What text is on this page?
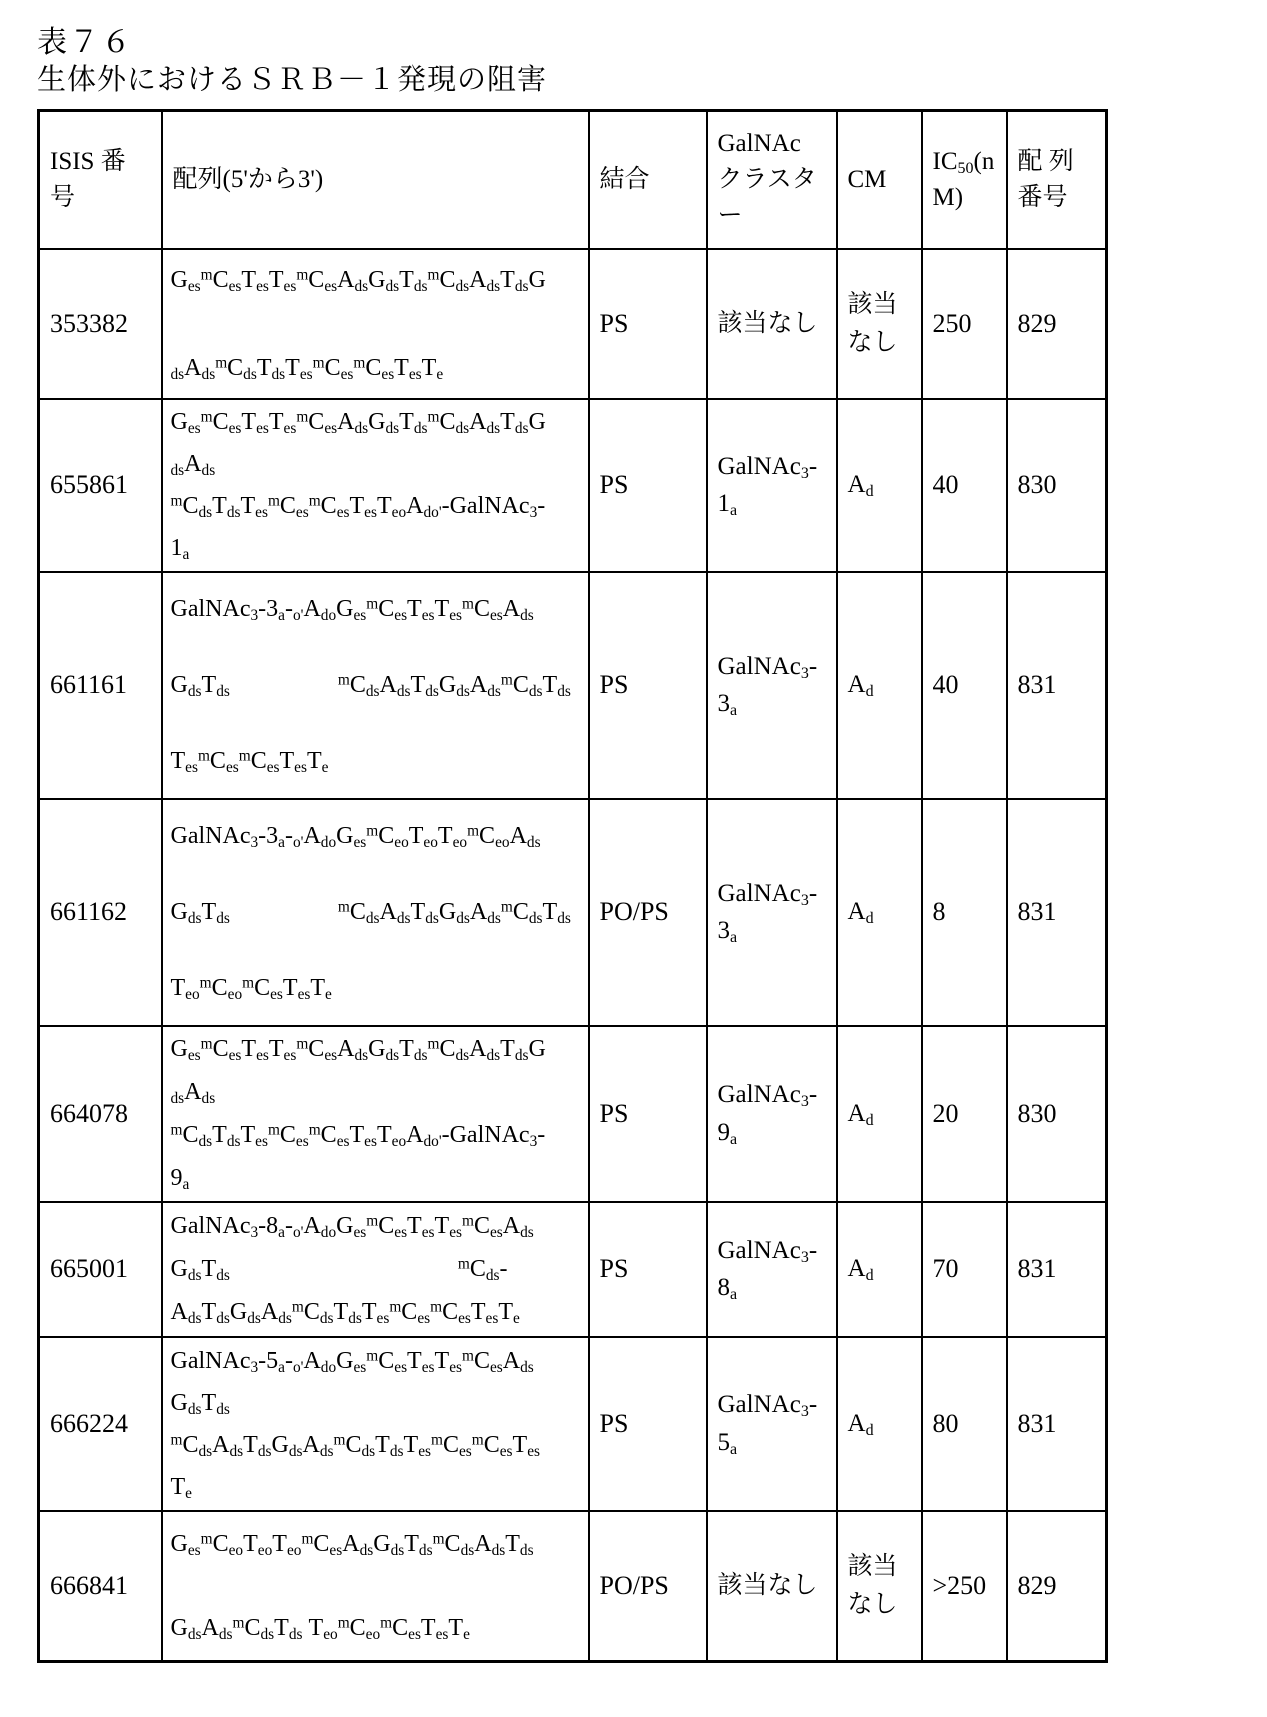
表７６
生体外におけるＳＲＢ－１発現の阻害
ISIS 番号	配列(5'から3')	結合	GalNAcクラスター	CM	$IC_{50}(nM)$	配 列番号
353382	$G_{es}^mC_{es}T_{es}T_{es}^mC_{es}A_{ds}G_{ds}T_{ds}^mC_{ds}A_{ds}T_{ds}G$
$_{ds}A_{ds}^mC_{ds}T_{ds}T_{es}^mC_{es}^mC_{es}T_{es}T_e$	PS	該当なし	該当なし	250	829
655861	$G_{es}^mC_{es}T_{es}T_{es}^mC_{es}A_{ds}G_{ds}T_{ds}^mC_{ds}A_{ds}T_{ds}G$
$_{ds}A_{ds}$
$^mC_{ds}T_{ds}T_{es}^mC_{es}^mC_{es}T_{es}T_{eo}A_{do'}-GalNAc_3-$
$1_a$	PS	$GalNAc_3-1_a$	$A_d$	40	830
661161	$GalNAc_3-3_a-_{o'}A_{do}G_{es}^mC_{es}T_{es}T_{es}^mC_{es}A_{ds}$
$G_{ds}T_{ds}$                  $^mC_{ds}A_{ds}T_{ds}G_{ds}A_{ds}^mC_{ds}T_{ds}$
$T_{es}^mC_{es}^mC_{es}T_{es}T_e$	PS	$GalNAc_3-3_a$	$A_d$	40	831
661162	$GalNAc_3-3_a-_{o'}A_{do}G_{es}^mC_{eo}T_{eo}T_{eo}^mC_{eo}A_{ds}$
$G_{ds}T_{ds}$                  $^mC_{ds}A_{ds}T_{ds}G_{ds}A_{ds}^mC_{ds}T_{ds}$
$T_{eo}^mC_{eo}^mC_{es}T_{es}T_e$	PO/PS	$GalNAc_3-3_a$	$A_d$	8	831
664078	$G_{es}^mC_{es}T_{es}T_{es}^mC_{es}A_{ds}G_{ds}T_{ds}^mC_{ds}A_{ds}T_{ds}G$
$_{ds}A_{ds}$
$^mC_{ds}T_{ds}T_{es}^mC_{es}^mC_{es}T_{es}T_{eo}A_{do'}-GalNAc_3-$
$9_a$	PS	$GalNAc_3-9_a$	$A_d$	20	830
665001	$GalNAc_3-8_a-_{o'}A_{do}G_{es}^mC_{es}T_{es}T_{es}^mC_{es}A_{ds}$
$G_{ds}T_{ds}$                                      $^mC_{ds}-$
$A_{ds}T_{ds}G_{ds}A_{ds}^mC_{ds}T_{ds}T_{es}^mC_{es}^mC_{es}T_{es}T_e$	PS	$GalNAc_3-8_a$	$A_d$	70	831
666224	$GalNAc_3-5_a-_{o'}A_{do}G_{es}^mC_{es}T_{es}T_{es}^mC_{es}A_{ds}$
$G_{ds}T_{ds}$
$^mC_{ds}A_{ds}T_{ds}G_{ds}A_{ds}^mC_{ds}T_{ds}T_{es}^mC_{es}^mC_{es}T_{es}$
$T_e$	PS	$GalNAc_3-5_a$	$A_d$	80	831
666841	$G_{es}^mC_{eo}T_{eo}T_{eo}^mC_{es}A_{ds}G_{ds}T_{ds}^mC_{ds}A_{ds}T_{ds}$
$G_{ds}A_{ds}^mC_{ds}T_{ds}$ $T_{eo}^mC_{eo}^mC_{es}T_{es}T_e$	PO/PS	該当なし	該当なし	>250	829
